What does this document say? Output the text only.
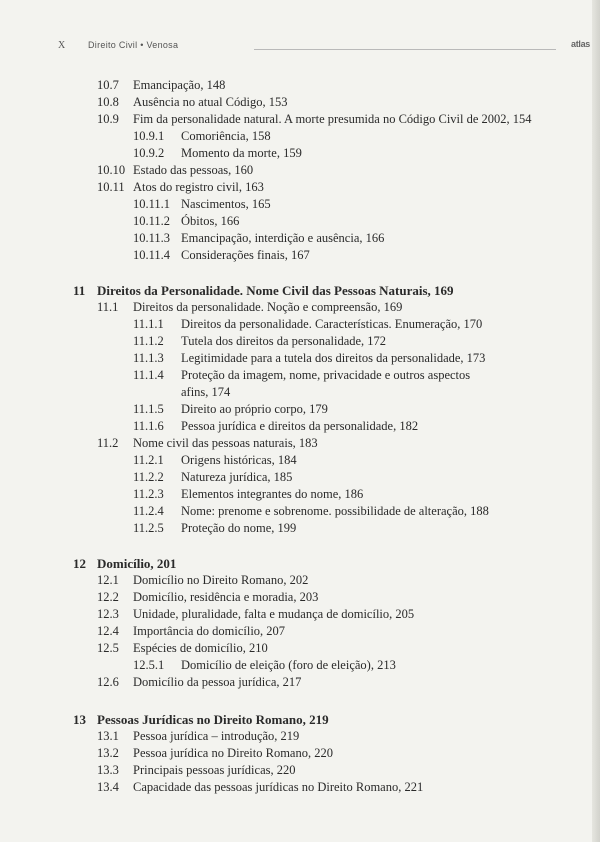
X	Direito Civil • Venosa	atlas
10.7 Emancipação, 148
10.8 Ausência no atual Código, 153
10.9 Fim da personalidade natural. A morte presumida no Código Civil de 2002, 154
10.9.1 Comoriência, 158
10.9.2 Momento da morte, 159
10.10 Estado das pessoas, 160
10.11 Atos do registro civil, 163
10.11.1 Nascimentos, 165
10.11.2 Óbitos, 166
10.11.3 Emancipação, interdição e ausência, 166
10.11.4 Considerações finais, 167
11 Direitos da Personalidade. Nome Civil das Pessoas Naturais, 169
11.1 Direitos da personalidade. Noção e compreensão, 169
11.1.1 Direitos da personalidade. Características. Enumeração, 170
11.1.2 Tutela dos direitos da personalidade, 172
11.1.3 Legitimidade para a tutela dos direitos da personalidade, 173
11.1.4 Proteção da imagem, nome, privacidade e outros aspectos
afins, 174
11.1.5 Direito ao próprio corpo, 179
11.1.6 Pessoa jurídica e direitos da personalidade, 182
11.2 Nome civil das pessoas naturais, 183
11.2.1 Origens históricas, 184
11.2.2 Natureza jurídica, 185
11.2.3 Elementos integrantes do nome, 186
11.2.4 Nome: prenome e sobrenome. possibilidade de alteração, 188
11.2.5 Proteção do nome, 199
12 Domicílio, 201
12.1 Domicílio no Direito Romano, 202
12.2 Domicílio, residência e moradia, 203
12.3 Unidade, pluralidade, falta e mudança de domicílio, 205
12.4 Importância do domicílio, 207
12.5 Espécies de domicílio, 210
12.5.1 Domicílio de eleição (foro de eleição), 213
12.6 Domicílio da pessoa jurídica, 217
13 Pessoas Jurídicas no Direito Romano, 219
13.1 Pessoa jurídica – introdução, 219
13.2 Pessoa jurídica no Direito Romano, 220
13.3 Principais pessoas jurídicas, 220
13.4 Capacidade das pessoas jurídicas no Direito Romano, 221
